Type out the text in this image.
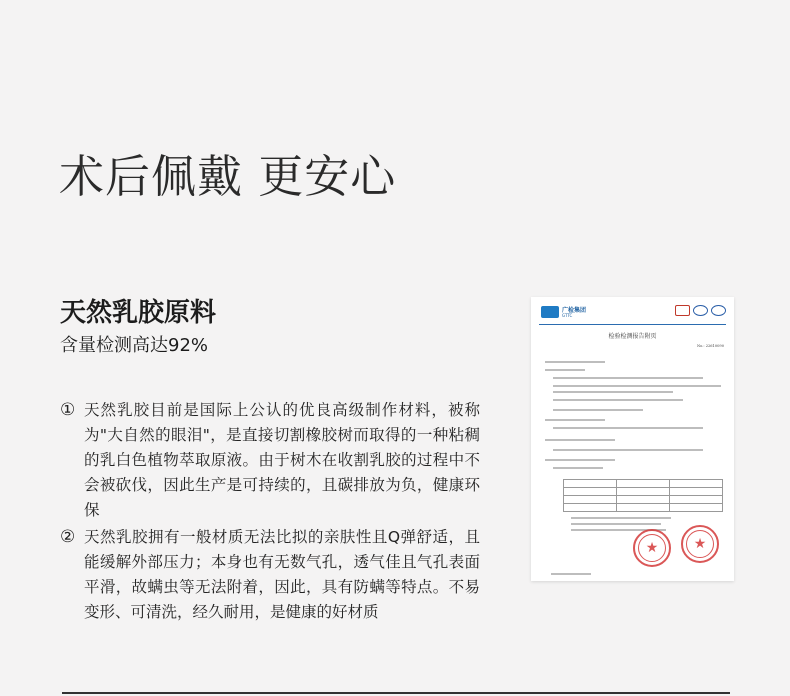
术后佩戴 更安心
天然乳胶原料
含量检测高达92%
① 天然乳胶目前是国际上公认的优良高级制作材料，被称为"大自然的眼泪"，是直接切割橡胶树而取得的一种粘稠的乳白色植物萃取原液。由于树木在收割乳胶的过程中不会被砍伐，因此生产是可持续的，且碳排放为负，健康环保
② 天然乳胶拥有一般材质无法比拟的亲肤性且Q弹舒适，且能缓解外部压力；本身也有无数气孔，透气佳且气孔表面平滑，故螨虫等无法附着，因此，具有防螨等特点。不易变形、可清洗，经久耐用，是健康的好材质
广检集团
GTTC
检验检测报告附页
No.: 22610090

★	★
